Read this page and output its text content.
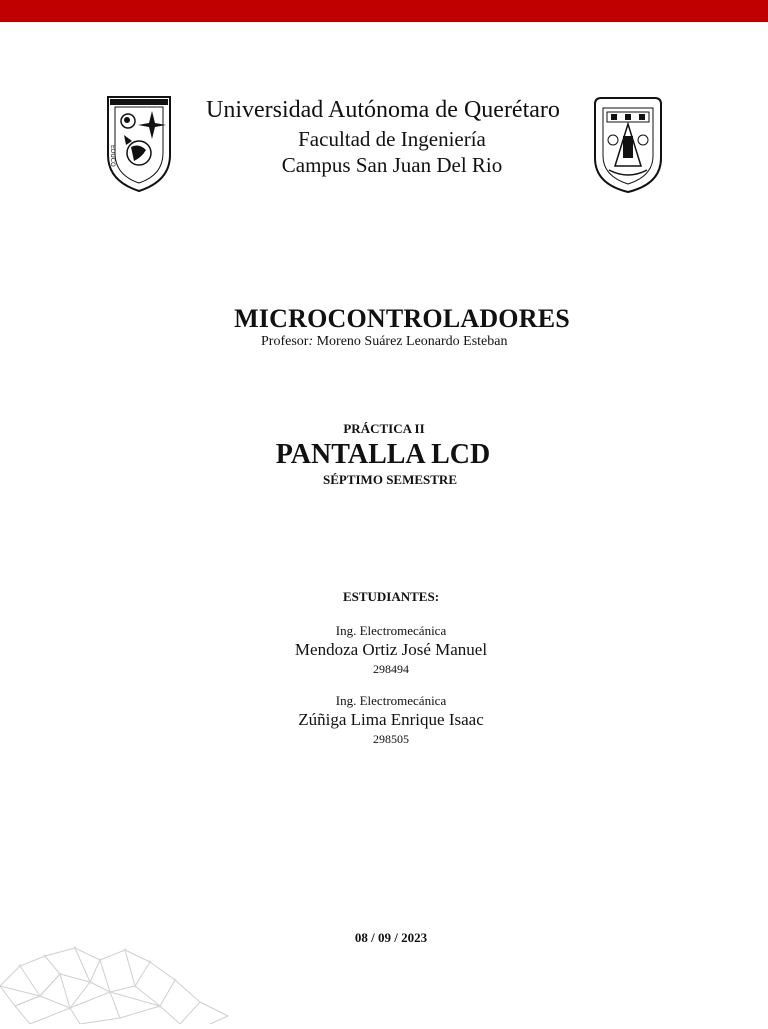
EDUCO
Universidad Autónoma de Querétaro
Facultad de Ingeniería
Campus San Juan Del Rio
MICROCONTROLADORES
Profesor: Moreno Suárez Leonardo Esteban
PRÁCTICA II
PANTALLA LCD
SÉPTIMO SEMESTRE
ESTUDIANTES:
Ing. Electromecánica
Mendoza Ortiz José Manuel
298494
Ing. Electromecánica
Zúñiga Lima Enrique Isaac
298505
08 / 09 / 2023
